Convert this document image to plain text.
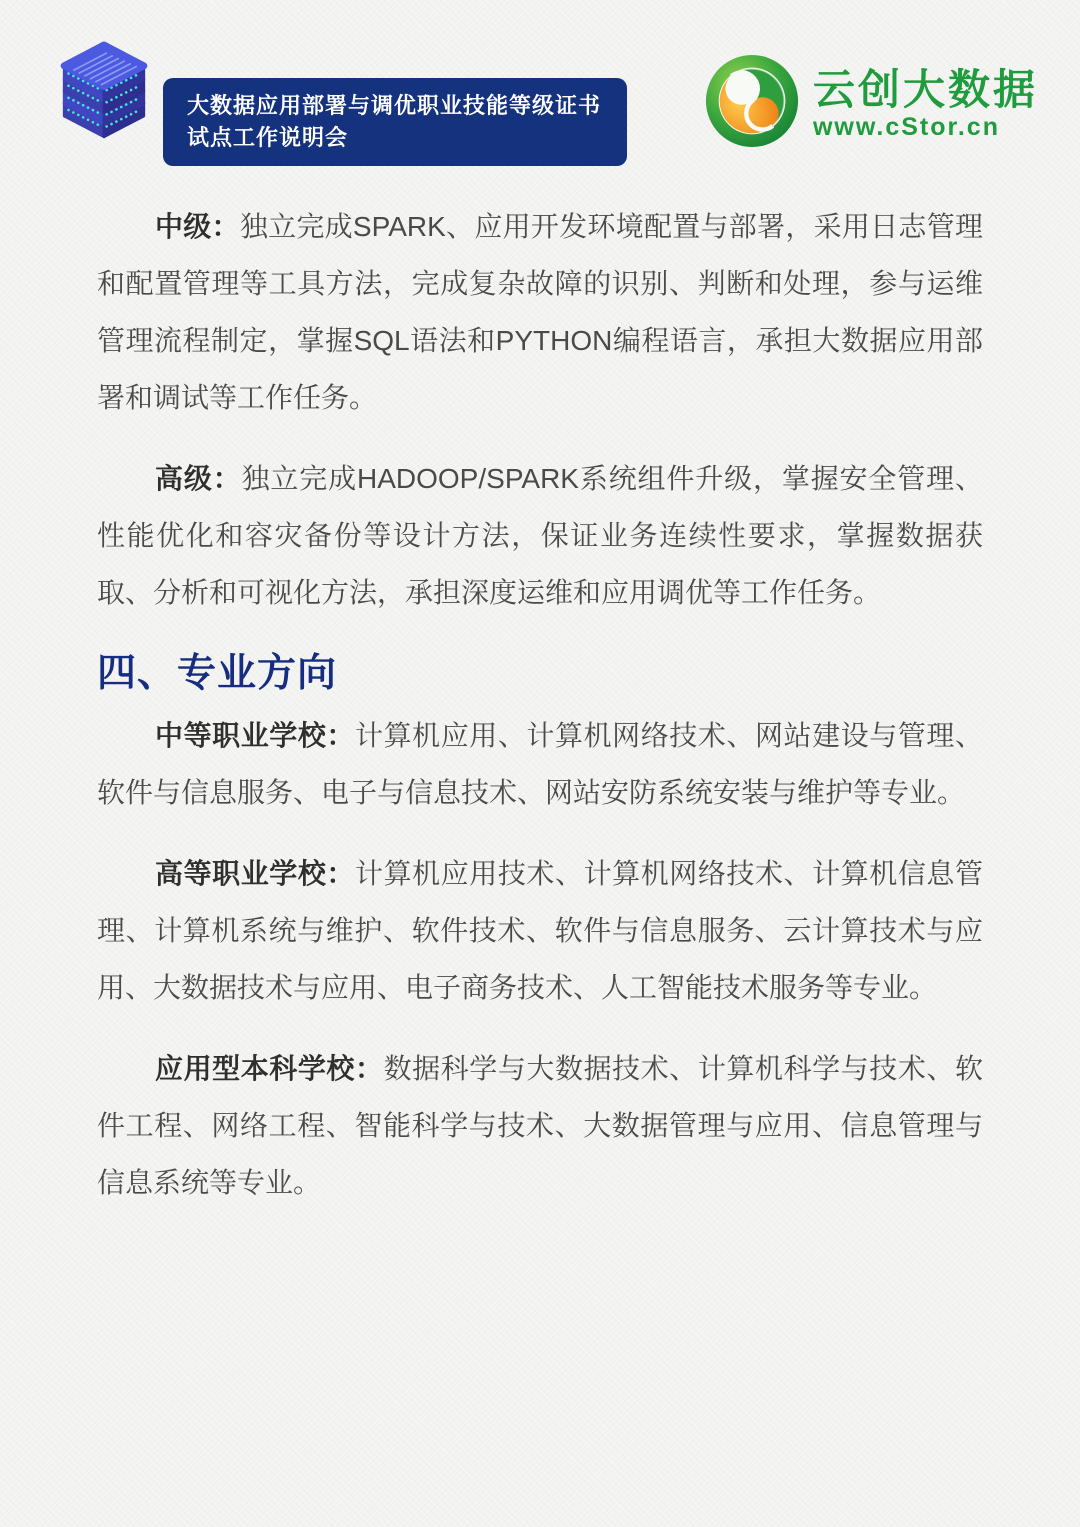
大数据应用部署与调优职业技能等级证书
试点工作说明会
云创大数据
www.cStor.cn

中级：独立完成SPARK、应用开发环境配置与部署，采用日志管理和配置管理等工具方法，完成复杂故障的识别、判断和处理，参与运维管理流程制定，掌握SQL语法和PYTHON编程语言，承担大数据应用部署和调试等工作任务。

高级：独立完成HADOOP/SPARK系统组件升级，掌握安全管理、性能优化和容灾备份等设计方法，保证业务连续性要求，掌握数据获取、分析和可视化方法，承担深度运维和应用调优等工作任务。

四、专业方向

中等职业学校：计算机应用、计算机网络技术、网站建设与管理、软件与信息服务、电子与信息技术、网站安防系统安装与维护等专业。

高等职业学校：计算机应用技术、计算机网络技术、计算机信息管理、计算机系统与维护、软件技术、软件与信息服务、云计算技术与应用、大数据技术与应用、电子商务技术、人工智能技术服务等专业。

应用型本科学校：数据科学与大数据技术、计算机科学与技术、软件工程、网络工程、智能科学与技术、大数据管理与应用、信息管理与信息系统等专业。
